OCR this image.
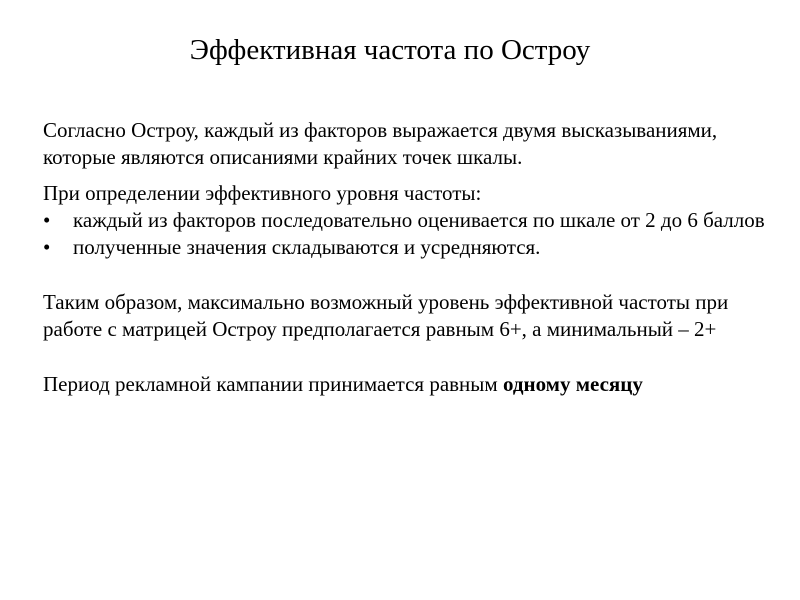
Эффективная частота по Остроу

Согласно Остроу, каждый из факторов выражается двумя высказываниями, которые являются описаниями крайних точек шкалы.

При определении эффективного уровня частоты:

• каждый из факторов последовательно оценивается по шкале от 2 до 6 баллов
• полученные значения складываются и усредняются.

Таким образом, максимально возможный уровень эффективной частоты при работе с матрицей Остроу предполагается равным 6+, а минимальный – 2+

Период рекламной кампании принимается равным одному месяцу
